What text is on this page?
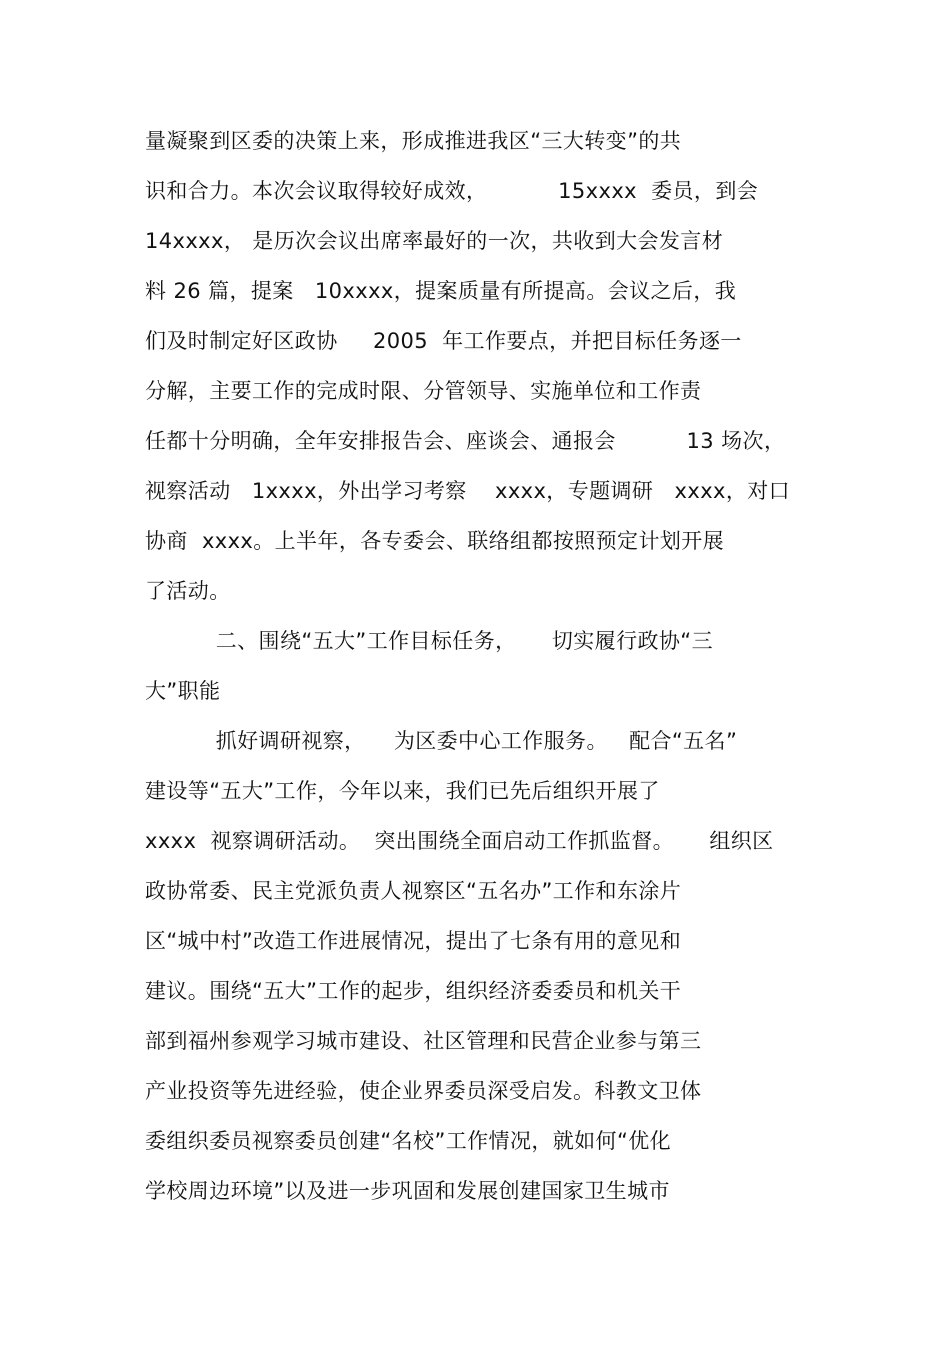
量凝聚到区委的决策上来，形成推进我区“三大转变”的共
识和合力。本次会议取得较好成效，          15xxxx  委员，到会
14xxxx， 是历次会议出席率最好的一次，共收到大会发言材
料 26 篇，提案   10xxxx，提案质量有所提高。会议之后，我
们及时制定好区政协     2005  年工作要点，并把目标任务逐一
分解，主要工作的完成时限、分管领导、实施单位和工作责
任都十分明确，全年安排报告会、座谈会、通报会          13 场次，
视察活动   1xxxx，外出学习考察    xxxx，专题调研   xxxx，对口
协商  xxxx。上半年，各专委会、联络组都按照预定计划开展
了活动。
二、围绕“五大”工作目标任务，     切实履行政协“三
大”职能
抓好调研视察，    为区委中心工作服务。   配合“五名”
建设等“五大”工作，今年以来，我们已先后组织开展了
xxxx  视察调研活动。  突出围绕全面启动工作抓监督。     组织区
政协常委、民主党派负责人视察区“五名办”工作和东涂片
区“城中村”改造工作进展情况，提出了七条有用的意见和
建议。围绕“五大”工作的起步，组织经济委委员和机关干
部到福州参观学习城市建设、社区管理和民营企业参与第三
产业投资等先进经验，使企业界委员深受启发。科教文卫体
委组织委员视察委员创建“名校”工作情况，就如何“优化
学校周边环境”以及进一步巩固和发展创建国家卫生城市
